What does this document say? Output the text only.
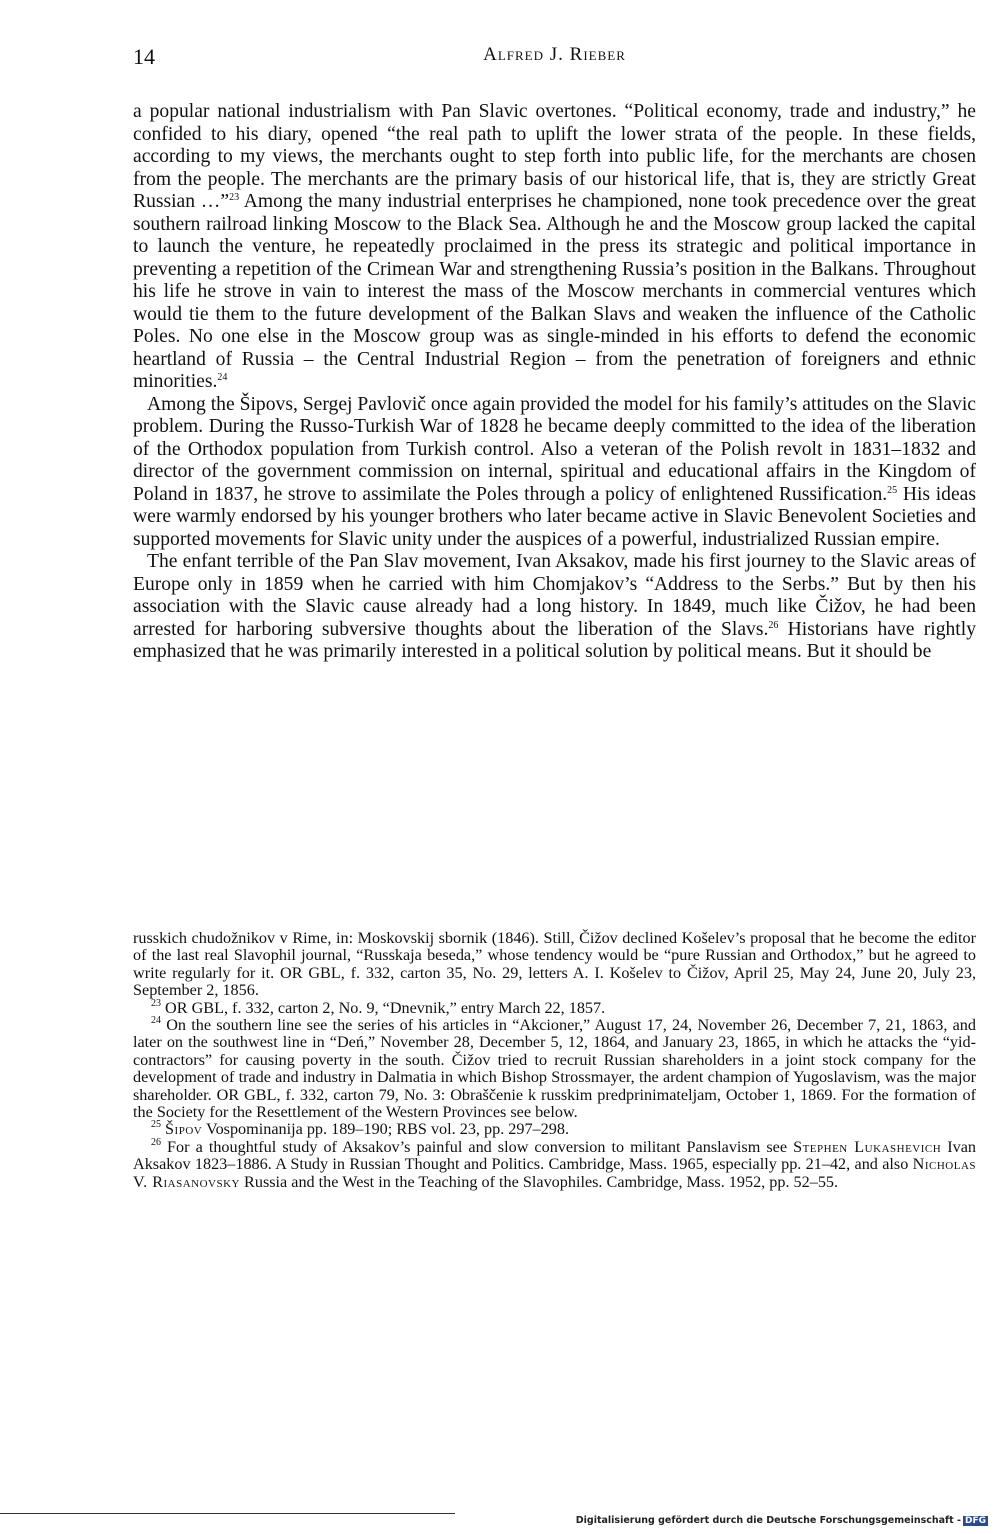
14	Alfred J. Rieber

a popular national industrialism with Pan Slavic overtones. “Political economy, trade and industry,” he confided to his diary, opened “the real path to uplift the lower strata of the people. In these fields, according to my views, the merchants ought to step forth into public life, for the merchants are chosen from the people. The merchants are the primary basis of our historical life, that is, they are strictly Great Russian …”$^{23}$ Among the many industrial enterprises he championed, none took precedence over the great southern railroad linking Moscow to the Black Sea. Although he and the Moscow group lacked the capital to launch the venture, he repeatedly proclaimed in the press its strategic and political importance in preventing a repetition of the Crimean War and strengthening Russia’s position in the Balkans. Throughout his life he strove in vain to interest the mass of the Moscow merchants in commercial ventures which would tie them to the future development of the Balkan Slavs and weaken the influence of the Catholic Poles. No one else in the Moscow group was as single-minded in his efforts to defend the economic heartland of Russia – the Central Industrial Region – from the penetration of foreigners and ethnic minorities.$^{24}$

Among the Šipovs, Sergej Pavlovič once again provided the model for his family’s attitudes on the Slavic problem. During the Russo-Turkish War of 1828 he became deeply committed to the idea of the liberation of the Orthodox population from Turkish control. Also a veteran of the Polish revolt in 1831–1832 and director of the government commission on internal, spiritual and educational affairs in the Kingdom of Poland in 1837, he strove to assimilate the Poles through a policy of enlightened Russification.$^{25}$ His ideas were warmly endorsed by his younger brothers who later became active in Slavic Benevolent Societies and supported movements for Slavic unity under the auspices of a powerful, industrialized Russian empire.

The enfant terrible of the Pan Slav movement, Ivan Aksakov, made his first journey to the Slavic areas of Europe only in 1859 when he carried with him Chomjakov’s “Address to the Serbs.” But by then his association with the Slavic cause already had a long history. In 1849, much like Čižov, he had been arrested for harboring subversive thoughts about the liberation of the Slavs.$^{26}$ Historians have rightly emphasized that he was primarily interested in a political solution by political means. But it should be

russkich chudožnikov v Rime, in: Moskovskij sbornik (1846). Still, Čižov declined Košelev’s proposal that he become the editor of the last real Slavophil journal, “Russkaja beseda,” whose tendency would be “pure Russian and Orthodox,” but he agreed to write regularly for it. OR GBL, f. 332, carton 35, No. 29, letters A. I. Košelev to Čižov, April 25, May 24, June 20, July 23, September 2, 1856.

$^{23}$ OR GBL, f. 332, carton 2, No. 9, “Dnevnik,” entry March 22, 1857.

$^{24}$ On the southern line see the series of his articles in “Akcioner,” August 17, 24, November 26, December 7, 21, 1863, and later on the southwest line in “Deń,” November 28, December 5, 12, 1864, and January 23, 1865, in which he attacks the “yid-contractors” for causing poverty in the south. Čižov tried to recruit Russian shareholders in a joint stock company for the development of trade and industry in Dalmatia in which Bishop Strossmayer, the ardent champion of Yugoslavism, was the major shareholder. OR GBL, f. 332, carton 79, No. 3: Obraščenie k russkim predprinimateljam, October 1, 1869. For the formation of the Society for the Resettlement of the Western Provinces see below.

$^{25}$ Šipov Vospominanija pp. 189–190; RBS vol. 23, pp. 297–298.

$^{26}$ For a thoughtful study of Aksakov’s painful and slow conversion to militant Panslavism see Stephen Lukashevich Ivan Aksakov 1823–1886. A Study in Russian Thought and Politics. Cambridge, Mass. 1965, especially pp. 21–42, and also Nicholas V. Riasanovsky Russia and the West in the Teaching of the Slavophiles. Cambridge, Mass. 1952, pp. 52–55.

Digitalisierung gefördert durch die Deutsche Forschungsgemeinschaft - DFG
